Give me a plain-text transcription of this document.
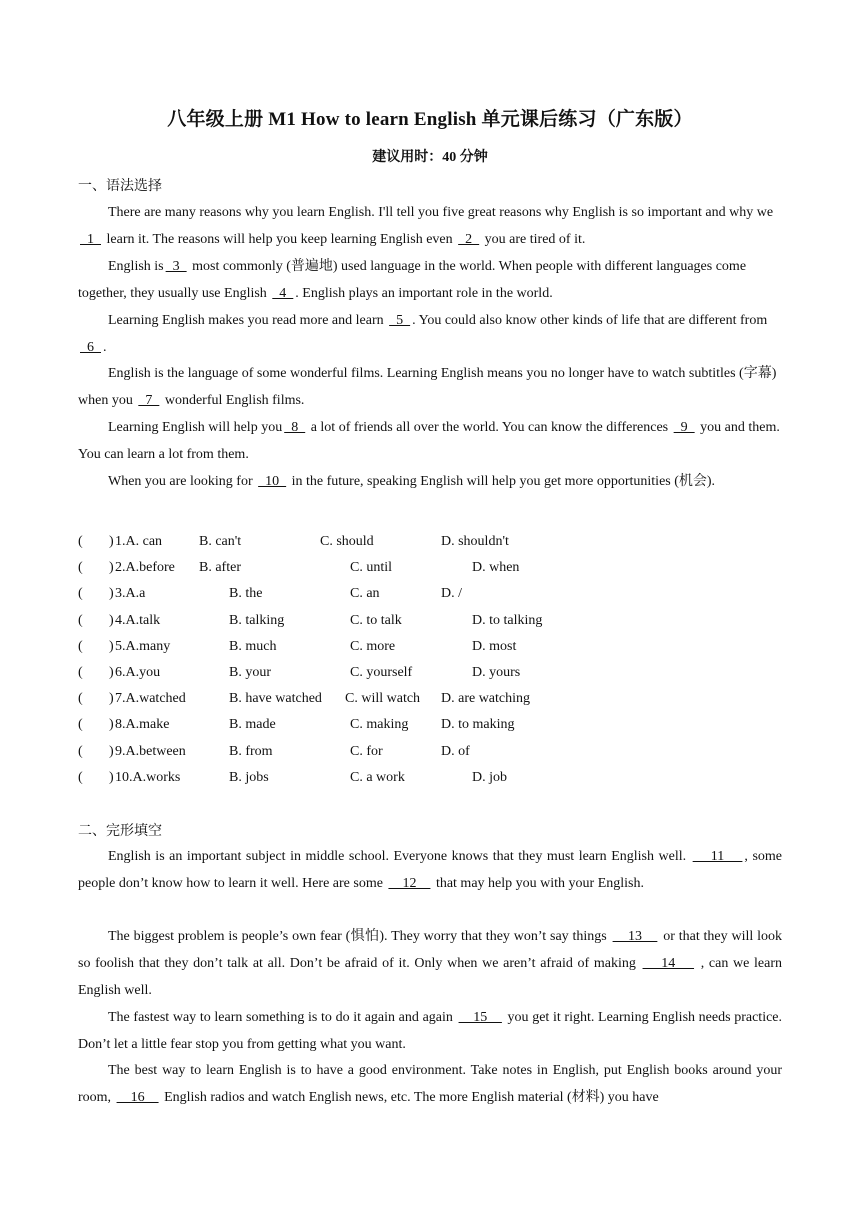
八年级上册 M1 How to learn English 单元课后练习（广东版）
建议用时：40 分钟
一、语法选择

There are many reasons why you learn English. I'll tell you five great reasons why English is so important and why we   1   learn it. The reasons will help you keep learning English even   2   you are tired of it.

English is  3   most commonly (普遍地) used language in the world. When people with different languages come together, they usually use English   4  . English plays an important role in the world.

Learning English makes you read more and learn   5  . You could also know other kinds of life that are different from   6  .

English is the language of some wonderful films. Learning English means you no longer have to watch subtitles (字幕) when you   7   wonderful English films.

Learning English will help you  8   a lot of friends all over the world. You can know the differences   9   you and them. You can learn a lot from them.

When you are looking for   10   in the future, speaking English will help you get more opportunities (机会).

( ) 1.A. can	B. can't	C. should	D. shouldn't
( ) 2.A.before B. after	C. until	D. when
( ) 3.A.a	B. the	C. an	D. /
( ) 4.A.talk	B. talking	C. to talk	D. to talking
( ) 5.A.many	B. much	C. more	D. most
( ) 6.A.you	B. your	C. yourself	D. yours
( ) 7.A.watched	B. have watched C. will watch D. are watching
( ) 8.A.make	B. made	C. making D. to making
( ) 9.A.between	B. from	C. for	D. of
( ) 10.A.works	B. jobs	C. a work	D. job
二、完形填空

English is an important subject in middle school. Everyone knows that they must learn English well.     11    , some people don’t know how to learn it well. Here are some     12     that may help you with your English.

The biggest problem is people’s own fear (惧怕). They worry that they won’t say things     13     or that they will look so foolish that they don’t talk at all. Don’t be afraid of it. Only when we aren’t afraid of making     14     , can we learn English well.

The fastest way to learn something is to do it again and again     15     you get it right. Learning English needs practice. Don’t let a little fear stop you from getting what you want.

The best way to learn English is to have a good environment. Take notes in English, put English books around your room,     16     English radios and watch English news, etc. The more English material (材料) you have
